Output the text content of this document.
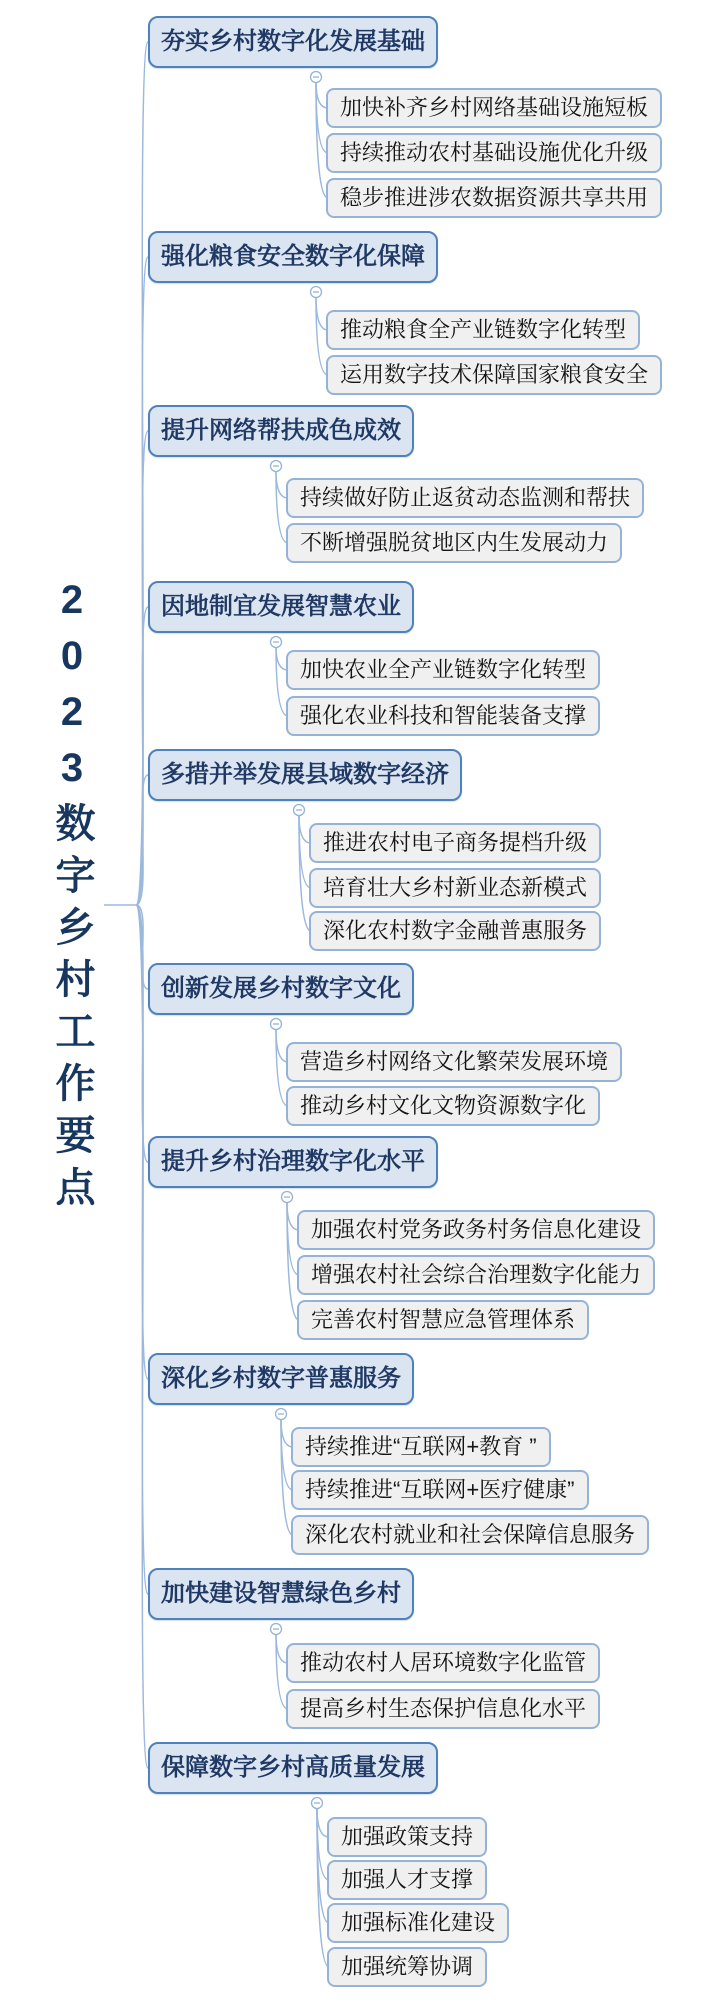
2023数字乡村工作要点
夯实乡村数字化发展基础
强化粮食安全数字化保障
提升网络帮扶成色成效
因地制宜发展智慧农业
多措并举发展县域数字经济
创新发展乡村数字文化
提升乡村治理数字化水平
深化乡村数字普惠服务
加快建设智慧绿色乡村
保障数字乡村高质量发展
加快补齐乡村网络基础设施短板
持续推动农村基础设施优化升级
稳步推进涉农数据资源共享共用
推动粮食全产业链数字化转型
运用数字技术保障国家粮食安全
持续做好防止返贫动态监测和帮扶
不断增强脱贫地区内生发展动力
加快农业全产业链数字化转型
强化农业科技和智能装备支撑
推进农村电子商务提档升级
培育壮大乡村新业态新模式
深化农村数字金融普惠服务
营造乡村网络文化繁荣发展环境
推动乡村文化文物资源数字化
加强农村党务政务村务信息化建设
增强农村社会综合治理数字化能力
完善农村智慧应急管理体系
持续推进“互联网+教育 ”
持续推进“互联网+医疗健康”
深化农村就业和社会保障信息服务
推动农村人居环境数字化监管
提高乡村生态保护信息化水平
加强政策支持
加强人才支撑
加强标准化建设
加强统筹协调
